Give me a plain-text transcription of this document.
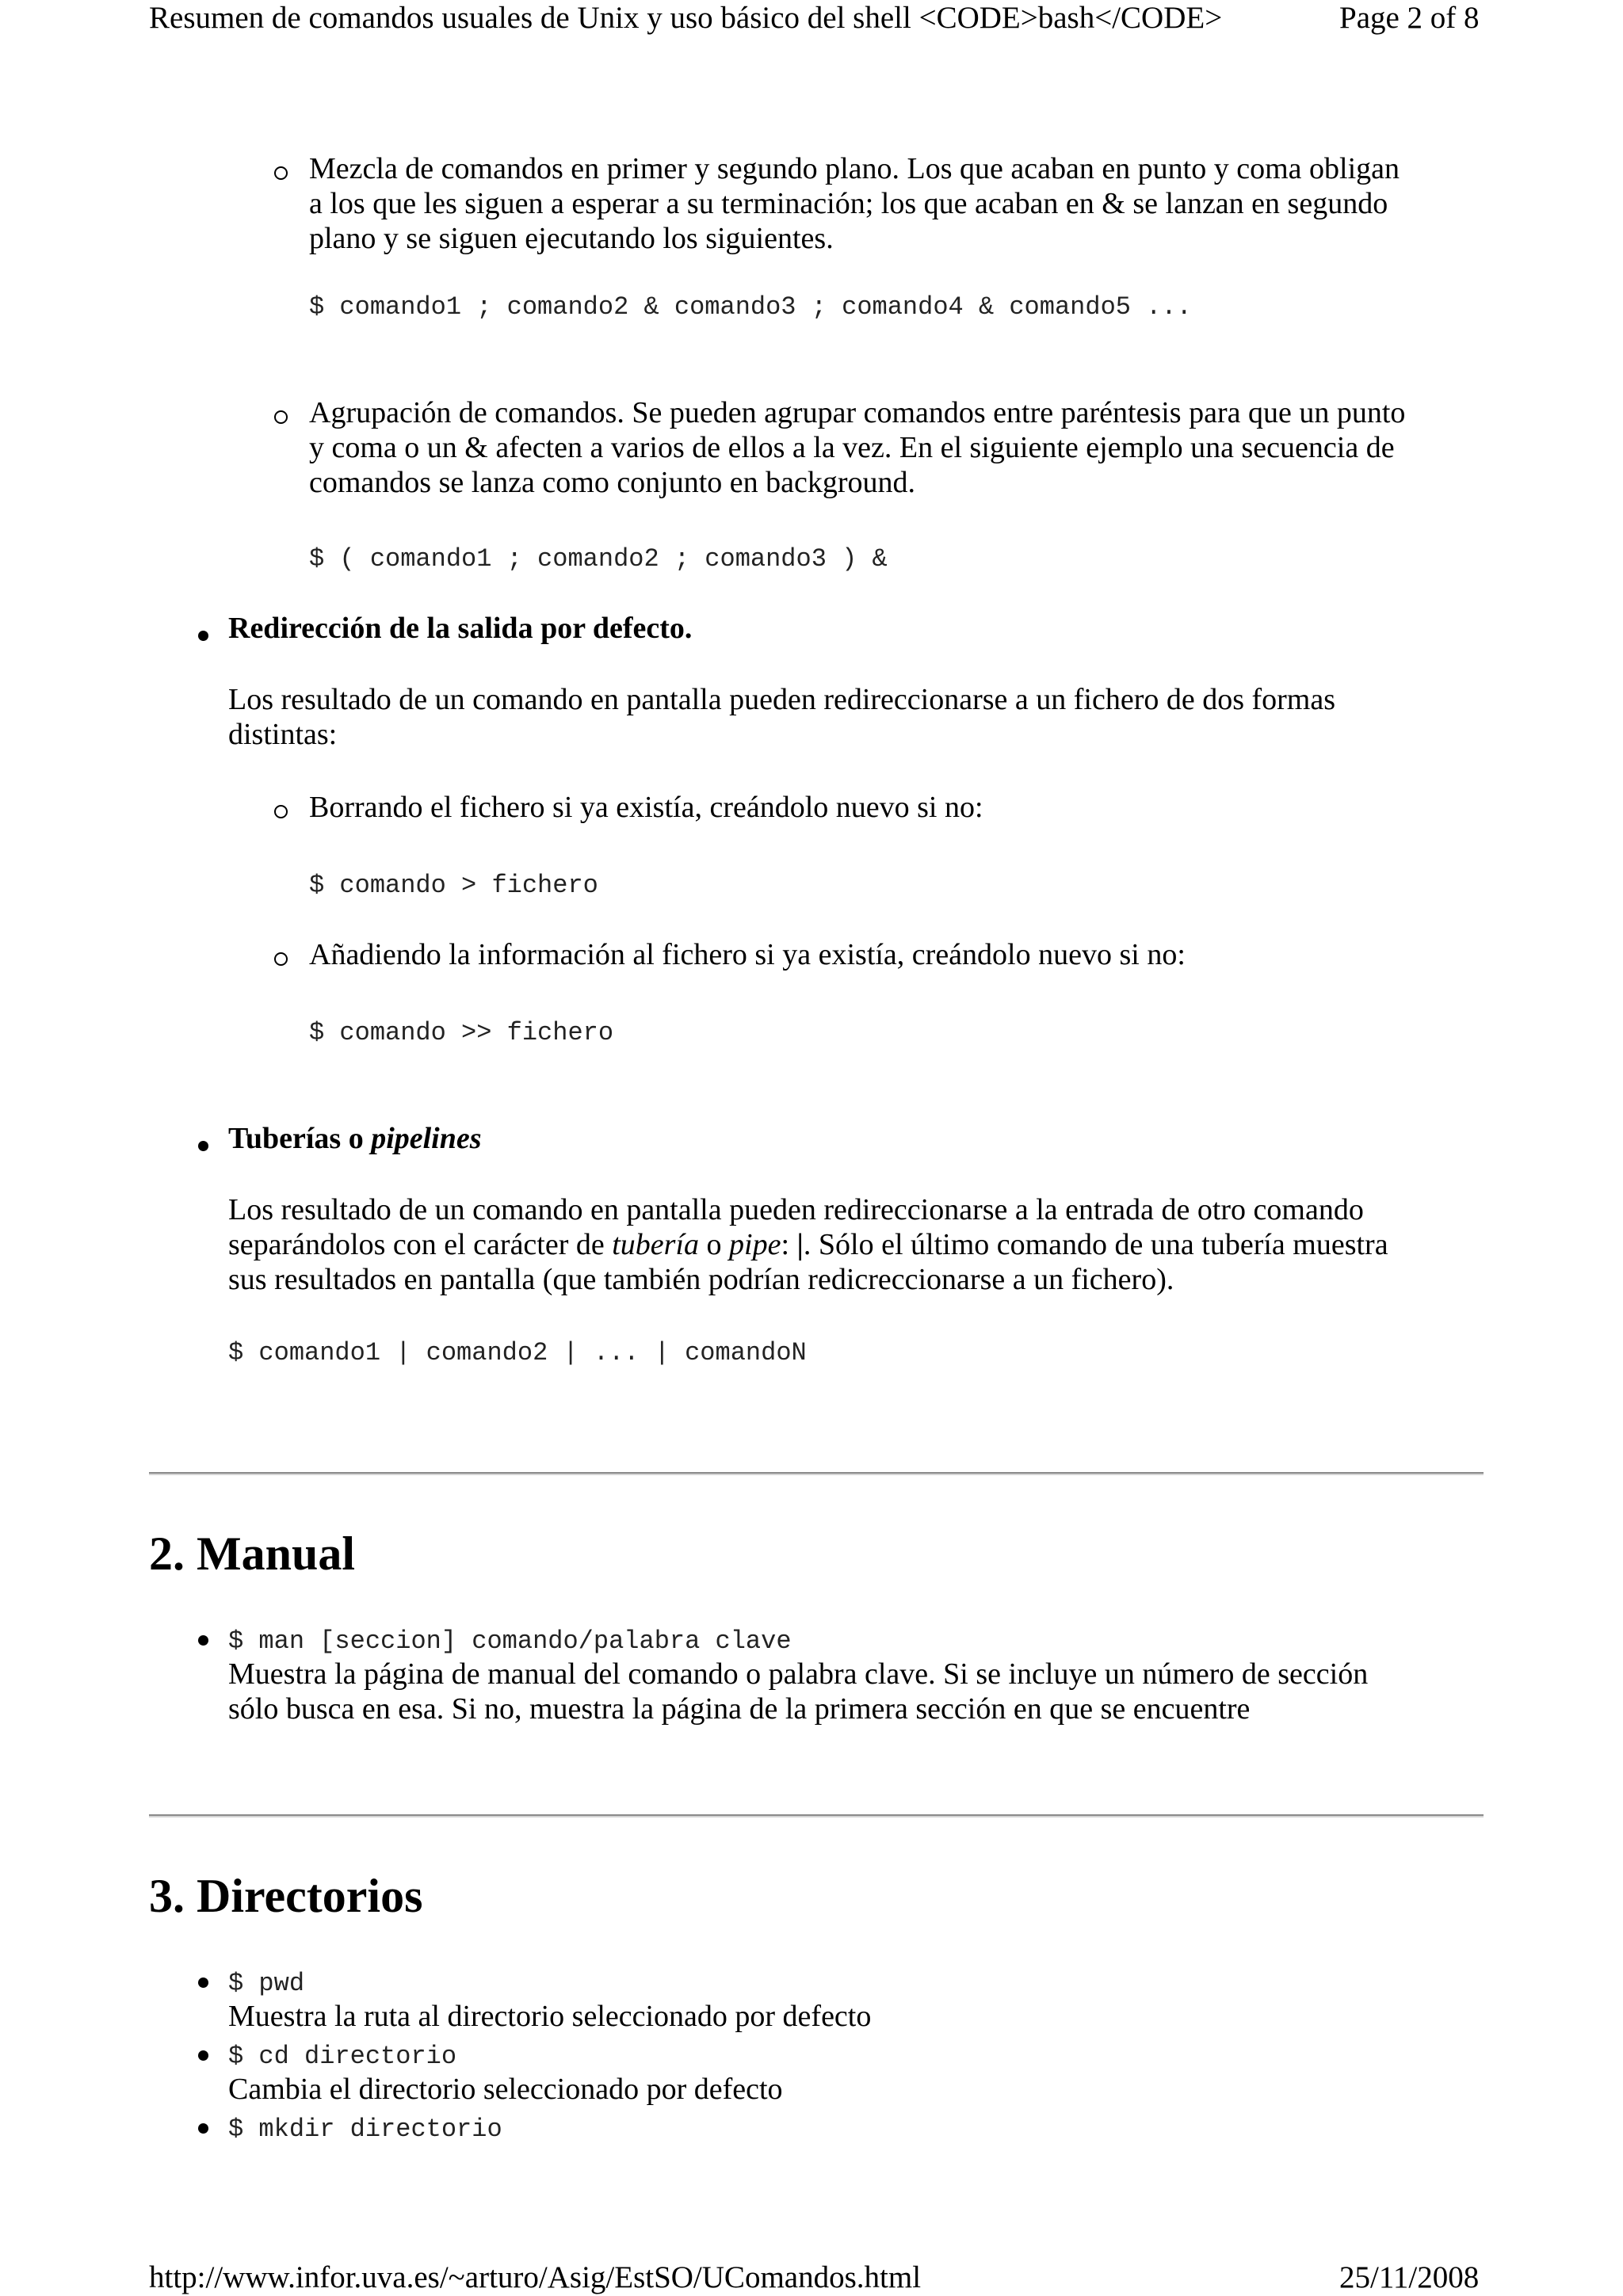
Resumen de comandos usuales de Unix y uso básico del shell <CODE>bash</CODE>	Page 2 of 8
Mezcla de comandos en primer y segundo plano. Los que acaban en punto y coma obligan
a los que les siguen a esperar a su terminación; los que acaban en & se lanzan en segundo
plano y se siguen ejecutando los siguientes.
$ comando1 ; comando2 & comando3 ; comando4 & comando5 ...
Agrupación de comandos. Se pueden agrupar comandos entre paréntesis para que un punto
y coma o un & afecten a varios de ellos a la vez. En el siguiente ejemplo una secuencia de
comandos se lanza como conjunto en background.
$ ( comando1 ; comando2 ; comando3 ) &
Redirección de la salida por defecto.
Los resultado de un comando en pantalla pueden redireccionarse a un fichero de dos formas
distintas:
Borrando el fichero si ya existía, creándolo nuevo si no:
$ comando > fichero
Añadiendo la información al fichero si ya existía, creándolo nuevo si no:
$ comando >> fichero
Tuberías o pipelines
Los resultado de un comando en pantalla pueden redireccionarse a la entrada de otro comando
separándolos con el carácter de tubería o pipe: |. Sólo el último comando de una tubería muestra
sus resultados en pantalla (que también podrían redicreccionarse a un fichero).
$ comando1 | comando2 | ... | comandoN
2. Manual
$ man [seccion] comando/palabra clave
Muestra la página de manual del comando o palabra clave. Si se incluye un número de sección
sólo busca en esa. Si no, muestra la página de la primera sección en que se encuentre
3. Directorios
$ pwd
Muestra la ruta al directorio seleccionado por defecto
$ cd directorio
Cambia el directorio seleccionado por defecto
$ mkdir directorio
http://www.infor.uva.es/~arturo/Asig/EstSO/UComandos.html	25/11/2008
